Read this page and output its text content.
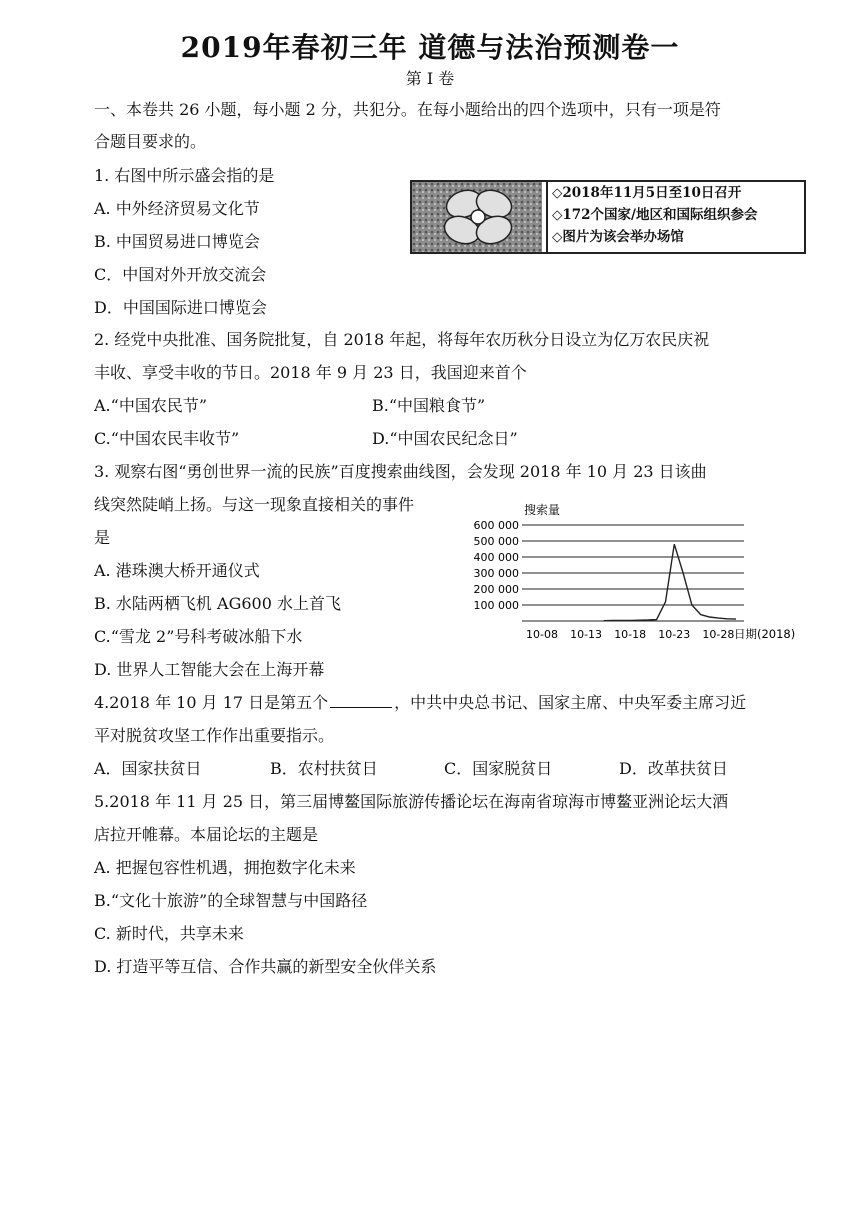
2019年春初三年 道德与法治预测卷一
第 I 卷
一、本卷共 26 小题，每小题 2 分，共犯分。在每小题给出的四个选项中，只有一项是符
合题目要求的。
1. 右图中所示盛会指的是
A. 中外经济贸易文化节
B. 中国贸易进口博览会
C．中国对外开放交流会
D．中国国际进口博览会
◇2018年11月5日至10日召开
◇172个国家/地区和国际组织参会
◇图片为该会举办场馆
2. 经党中央批准、国务院批复，自 2018 年起，将每年农历秋分日设立为亿万农民庆祝
丰收、享受丰收的节日。2018 年 9 月 23 日，我国迎来首个
A.“中国农民节”	B.“中国粮食节”
C.“中国农民丰收节”	D.“中国农民纪念日”
3. 观察右图“勇创世界一流的民族”百度搜索曲线图，会发现 2018 年 10 月 23 日该曲
线突然陡峭上扬。与这一现象直接相关的事件
是
A. 港珠澳大桥开通仪式
B. 水陆两栖飞机 AG600 水上首飞
C.“雪龙 2”号科考破冰船下水
D. 世界人工智能大会在上海开幕
600 000
500 000
400 000
300 000
200 000
100 000
10-08 10-13 10-18 10-23 10-28
搜索量
日期(2018)
4.2018 年 10 月 17 日是第五个	，中共中央总书记、国家主席、中央军委主席习近
平对脱贫攻坚工作作出重要指示。
A．国家扶贫日	B．农村扶贫日	C．国家脱贫日	D．改革扶贫日
5.2018 年 11 月 25 日，第三届博鳌国际旅游传播论坛在海南省琼海市博鳌亚洲论坛大酒
店拉开帷幕。本届论坛的主题是
A. 把握包容性机遇，拥抱数字化未来
B.“文化十旅游”的全球智慧与中国路径
C. 新时代，共享未来
D. 打造平等互信、合作共赢的新型安全伙伴关系
